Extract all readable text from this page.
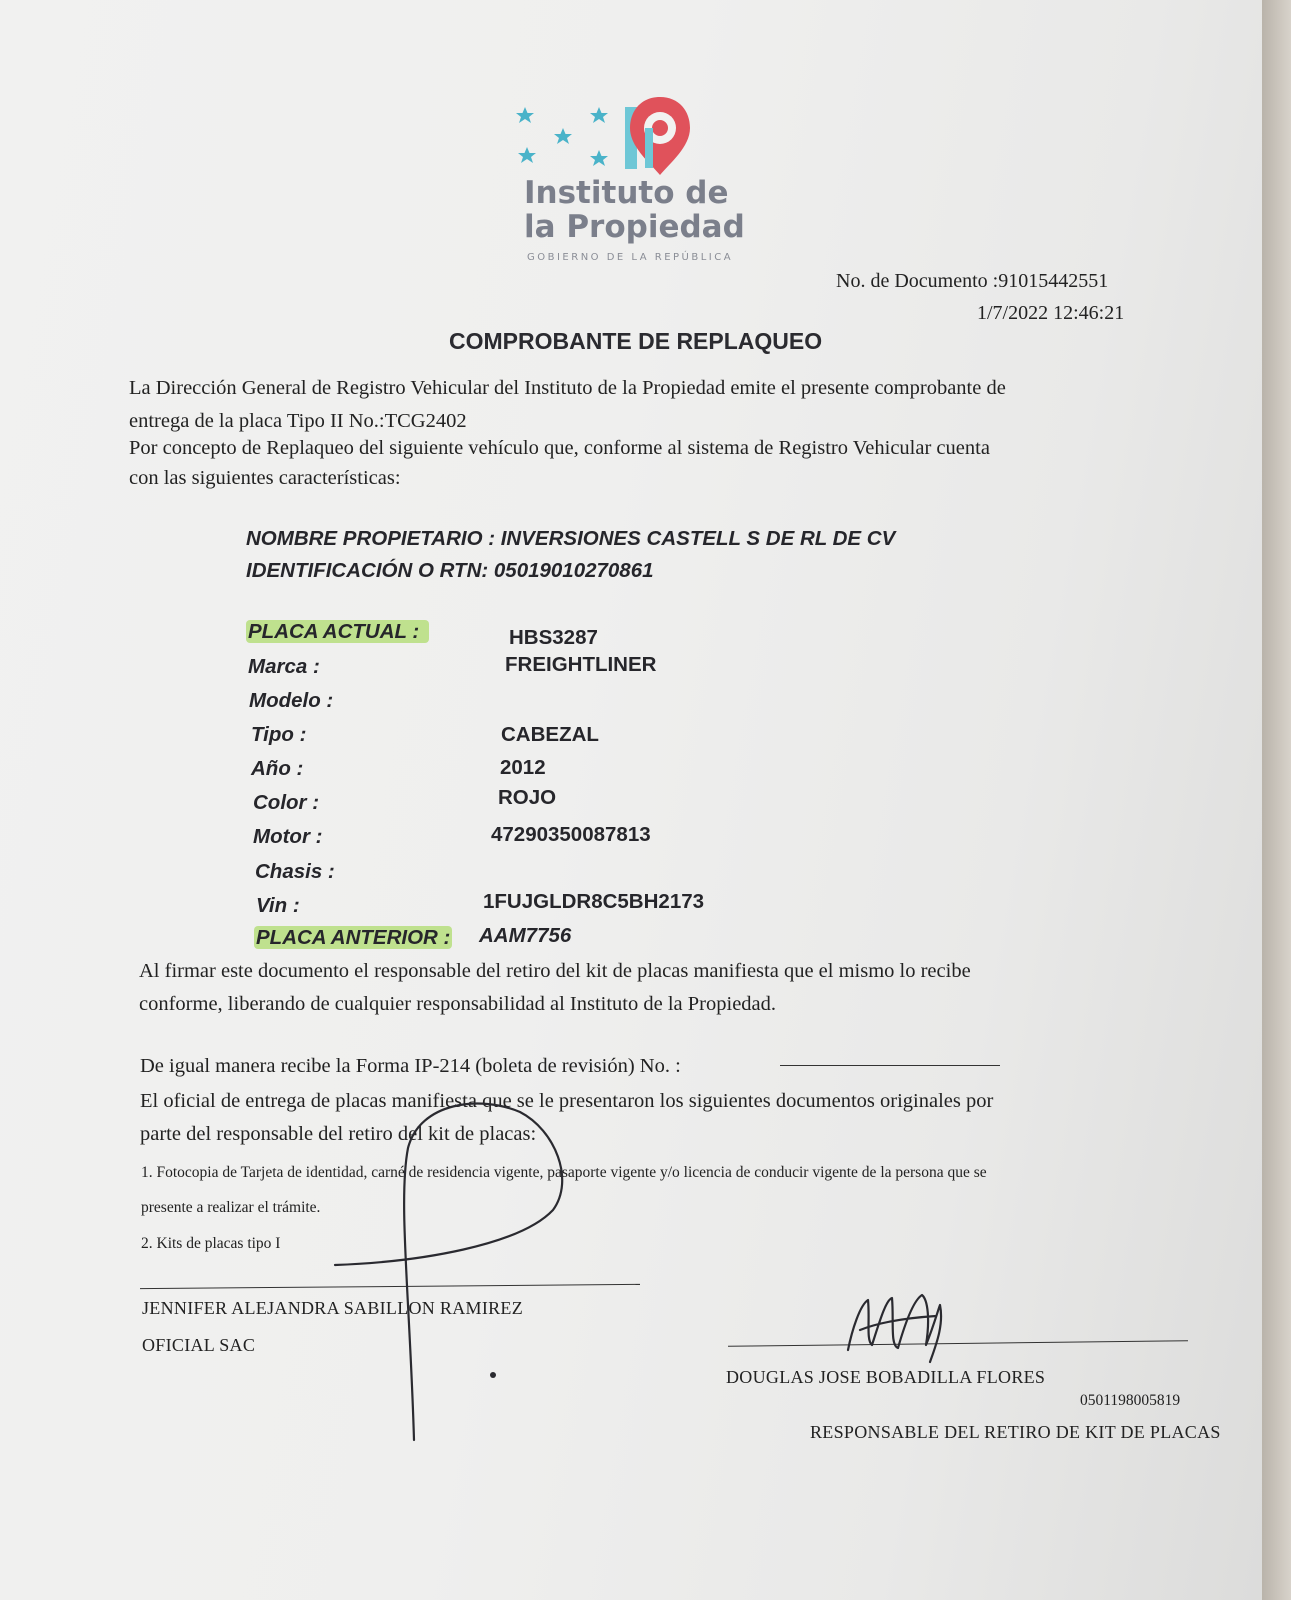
Instituto de
la Propiedad
GOBIERNO DE LA REPÚBLICA
No. de Documento :91015442551
1/7/2022 12:46:21
COMPROBANTE DE REPLAQUEO
La Dirección General de Registro Vehicular del Instituto de la Propiedad emite el presente comprobante de
entrega de la placa Tipo II No.:TCG2402
Por concepto de Replaqueo del siguiente vehículo que, conforme al sistema de Registro Vehicular cuenta
con las siguientes características:
NOMBRE PROPIETARIO : INVERSIONES CASTELL S DE RL DE CV
IDENTIFICACIÓN O RTN: 05019010270861
PLACA ACTUAL :	HBS3287
Marca :	FREIGHTLINER
Modelo :
Tipo :	CABEZAL
Año :	2012
Color :	ROJO
Motor :	47290350087813
Chasis :
Vin :	1FUJGLDR8C5BH2173
PLACA ANTERIOR : AAM7756
Al firmar este documento el responsable del retiro del kit de placas manifiesta que el mismo lo recibe
conforme, liberando de cualquier responsabilidad al Instituto de la Propiedad.
De igual manera recibe la Forma IP-214 (boleta de revisión) No. :
El oficial de entrega de placas manifiesta que se le presentaron los siguientes documentos originales por
parte del responsable del retiro del kit de placas:
1. Fotocopia de Tarjeta de identidad, carné de residencia vigente, pasaporte vigente y/o licencia de conducir vigente de la persona que se
presente a realizar el trámite.
2. Kits de placas tipo I
JENNIFER ALEJANDRA SABILLON RAMIREZ
OFICIAL SAC
DOUGLAS JOSE BOBADILLA FLORES
0501198005819
RESPONSABLE DEL RETIRO DE KIT DE PLACAS
